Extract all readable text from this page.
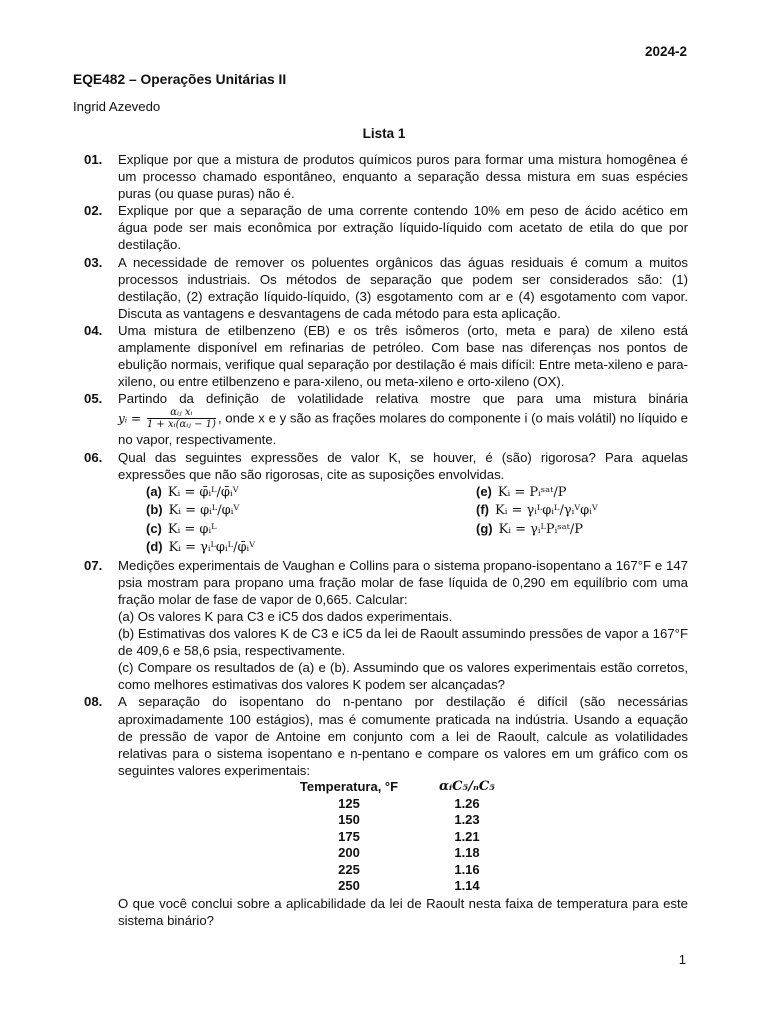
2024-2
EQE482 – Operações Unitárias II
Ingrid Azevedo
Lista 1
01. Explique por que a mistura de produtos químicos puros para formar uma mistura homogênea é um processo chamado espontâneo, enquanto a separação dessa mistura em suas espécies puras (ou quase puras) não é.
02. Explique por que a separação de uma corrente contendo 10% em peso de ácido acético em água pode ser mais econômica por extração líquido-líquido com acetato de etila do que por destilação.
03. A necessidade de remover os poluentes orgânicos das águas residuais é comum a muitos processos industriais. Os métodos de separação que podem ser considerados são: (1) destilação, (2) extração líquido-líquido, (3) esgotamento com ar e (4) esgotamento com vapor. Discuta as vantagens e desvantagens de cada método para esta aplicação.
04. Uma mistura de etilbenzeno (EB) e os três isômeros (orto, meta e para) de xileno está amplamente disponível em refinarias de petróleo. Com base nas diferenças nos pontos de ebulição normais, verifique qual separação por destilação é mais difícil: Entre meta-xileno e para-xileno, ou entre etilbenzeno e para-xileno, ou meta-xileno e orto-xileno (OX).
05. Partindo da definição de volatilidade relativa mostre que para uma mistura binária yᵢ = $\frac{\text{αᵢⱼ xᵢ}}{\text{1 + xᵢ(αᵢⱼ − 1)}}$ , onde x e y são as frações molares do componente i (o mais volátil) no líquido e no vapor, respectivamente.
06. Qual das seguintes expressões de valor K, se houver, é (são) rigorosa? Para aquelas expressões que não são rigorosas, cite as suposições envolvidas.
(a) Kᵢ = φ̄ᵢᴸ/φ̄ᵢⱽ	(e) Kᵢ = Pᵢˢᵃᵗ/P
(b) Kᵢ = φᵢᴸ/φᵢⱽ	(f) Kᵢ = γᵢᴸφᵢᴸ/γᵢⱽφᵢⱽ
(c) Kᵢ = φᵢᴸ	(g) Kᵢ = γᵢᴸPᵢˢᵃᵗ/P
(d) Kᵢ = γᵢᴸφᵢᴸ/φ̄ᵢⱽ
07. Medições experimentais de Vaughan e Collins para o sistema propano-isopentano a 167°F e 147 psia mostram para propano uma fração molar de fase líquida de 0,290 em equilíbrio com uma fração molar de fase de vapor de 0,665. Calcular:
(a) Os valores K para C3 e iC5 dos dados experimentais.
(b) Estimativas dos valores K de C3 e iC5 da lei de Raoult assumindo pressões de vapor a 167°F de 409,6 e 58,6 psia, respectivamente.
(c) Compare os resultados de (a) e (b). Assumindo que os valores experimentais estão corretos, como melhores estimativas dos valores K podem ser alcançadas?
08. A separação do isopentano do n-pentano por destilação é difícil (são necessárias aproximadamente 100 estágios), mas é comumente praticada na indústria. Usando a equação de pressão de vapor de Antoine em conjunto com a lei de Raoult, calcule as volatilidades relativas para o sistema isopentano e n-pentano e compare os valores em um gráfico com os seguintes valores experimentais:
Temperatura, °F	αᵢC₅/ₙC₅
125	1.26
150	1.23
175	1.21
200	1.18
225	1.16
250	1.14
O que você conclui sobre a aplicabilidade da lei de Raoult nesta faixa de temperatura para este sistema binário?
1
